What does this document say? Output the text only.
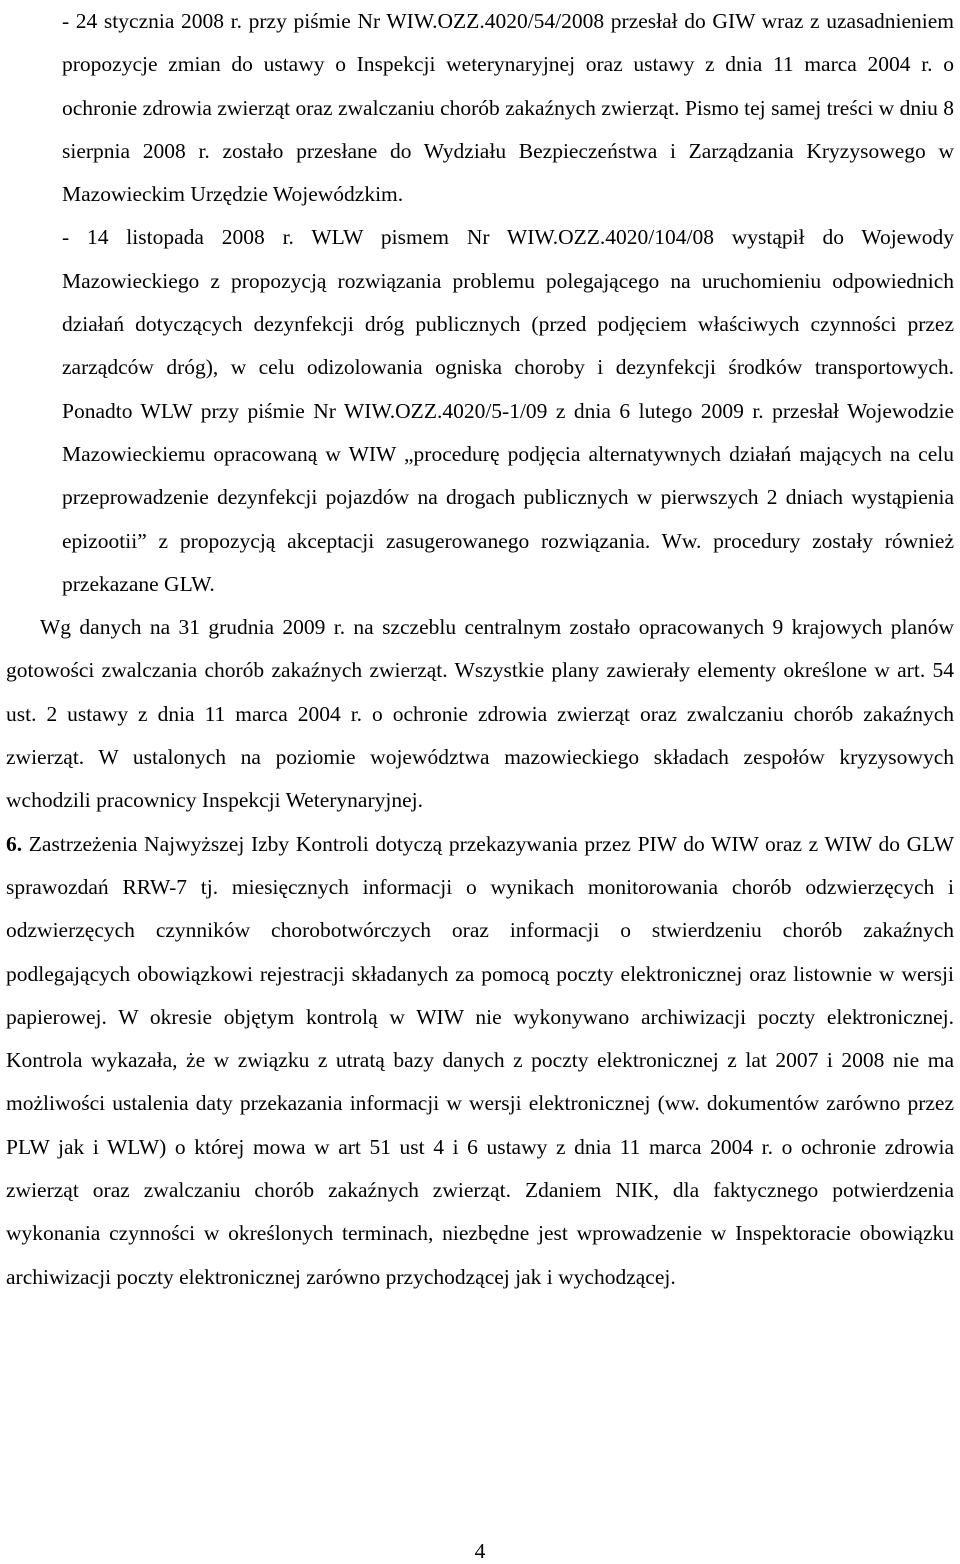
- 24 stycznia 2008 r. przy piśmie Nr WIW.OZZ.4020/54/2008 przesłał do GIW wraz z uzasadnieniem propozycje zmian do ustawy o Inspekcji weterynaryjnej oraz ustawy z dnia 11 marca 2004 r. o ochronie zdrowia zwierząt oraz zwalczaniu chorób zakaźnych zwierząt. Pismo tej samej treści w dniu 8 sierpnia 2008 r. zostało przesłane do Wydziału Bezpieczeństwa i Zarządzania Kryzysowego w Mazowieckim Urzędzie Wojewódzkim.

- 14 listopada 2008 r. WLW pismem Nr WIW.OZZ.4020/104/08 wystąpił do Wojewody Mazowieckiego z propozycją rozwiązania problemu polegającego na uruchomieniu odpowiednich działań dotyczących dezynfekcji dróg publicznych (przed podjęciem właściwych czynności przez zarządców dróg), w celu odizolowania ogniska choroby i dezynfekcji środków transportowych. Ponadto WLW przy piśmie Nr WIW.OZZ.4020/5-1/09 z dnia 6 lutego 2009 r. przesłał Wojewodzie Mazowieckiemu opracowaną w WIW „procedurę podjęcia alternatywnych działań mających na celu przeprowadzenie dezynfekcji pojazdów na drogach publicznych w pierwszych 2 dniach wystąpienia epizootii” z propozycją akceptacji zasugerowanego rozwiązania. Ww. procedury zostały również przekazane GLW.

Wg danych na 31 grudnia 2009 r. na szczeblu centralnym zostało opracowanych 9 krajowych planów gotowości zwalczania chorób zakaźnych zwierząt. Wszystkie plany zawierały elementy określone w art. 54 ust. 2 ustawy z dnia 11 marca 2004 r. o ochronie zdrowia zwierząt oraz zwalczaniu chorób zakaźnych zwierząt. W ustalonych na poziomie województwa mazowieckiego składach zespołów kryzysowych wchodzili pracownicy Inspekcji Weterynaryjnej.

6. Zastrzeżenia Najwyższej Izby Kontroli dotyczą przekazywania przez PIW do WIW oraz z WIW do GLW sprawozdań RRW-7 tj. miesięcznych informacji o wynikach monitorowania chorób odzwierzęcych i odzwierzęcych czynników chorobotwórczych oraz informacji o stwierdzeniu chorób zakaźnych podlegających obowiązkowi rejestracji składanych za pomocą poczty elektronicznej oraz listownie w wersji papierowej. W okresie objętym kontrolą w WIW nie wykonywano archiwizacji poczty elektronicznej. Kontrola wykazała, że w związku z utratą bazy danych z poczty elektronicznej z lat 2007 i 2008 nie ma możliwości ustalenia daty przekazania informacji w wersji elektronicznej (ww. dokumentów zarówno przez PLW jak i WLW) o której mowa w art 51 ust 4 i 6 ustawy z dnia 11 marca 2004 r. o ochronie zdrowia zwierząt oraz zwalczaniu chorób zakaźnych zwierząt. Zdaniem NIK, dla faktycznego potwierdzenia wykonania czynności w określonych terminach, niezbędne jest wprowadzenie w Inspektoracie obowiązku archiwizacji poczty elektronicznej zarówno przychodzącej jak i wychodzącej.

4
